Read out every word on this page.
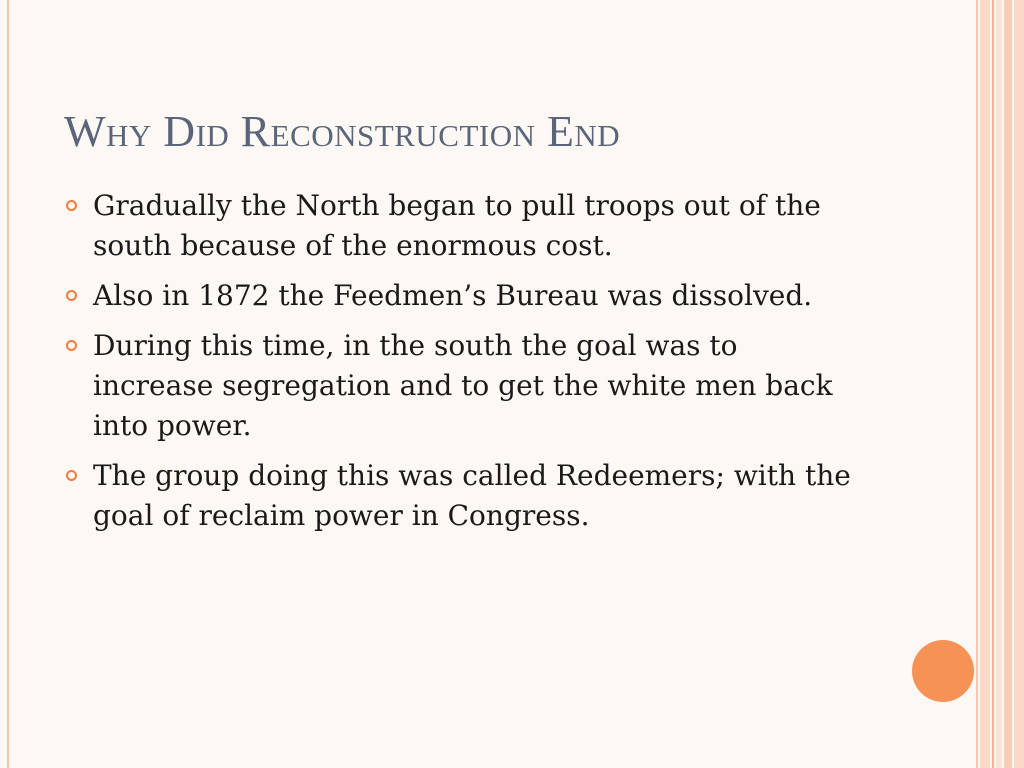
Why Did Reconstruction End
Gradually the North began to pull troops out of the south because of the enormous cost.
Also in 1872 the Feedmen’s Bureau was dissolved.
During this time, in the south the goal was to increase segregation and to get the white men back into power.
The group doing this was called Redeemers; with the goal of reclaim power in Congress.
